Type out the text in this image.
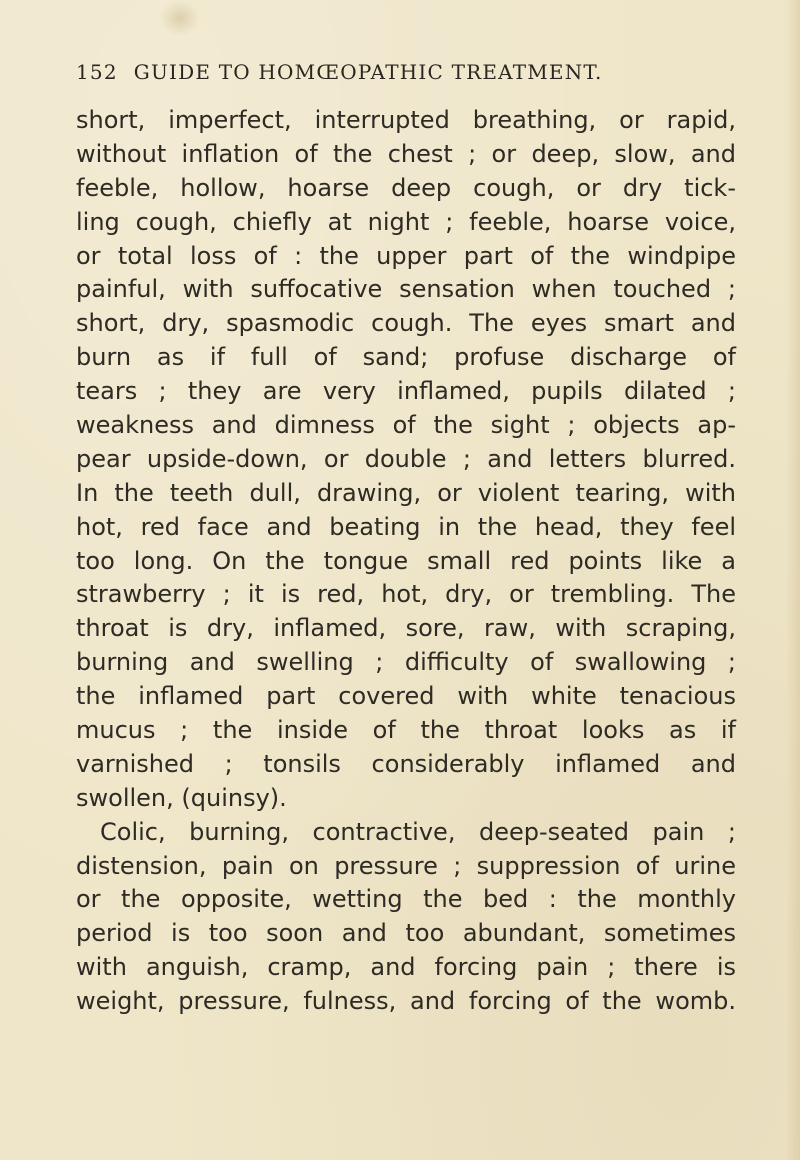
152 GUIDE TO HOMŒOPATHIC TREATMENT.
short, imperfect, interrupted breathing, or rapid,
without inflation of the chest ; or deep, slow, and
feeble, hollow, hoarse deep cough, or dry tick-
ling cough, chiefly at night ; feeble, hoarse voice,
or total loss of : the upper part of the windpipe
painful, with suffocative sensation when touched ;
short, dry, spasmodic cough. The eyes smart and
burn as if full of sand; profuse discharge of
tears ; they are very inflamed, pupils dilated ;
weakness and dimness of the sight ; objects ap-
pear upside-down, or double ; and letters blurred.
In the teeth dull, drawing, or violent tearing, with
hot, red face and beating in the head, they feel
too long. On the tongue small red points like a
strawberry ; it is red, hot, dry, or trembling. The
throat is dry, inflamed, sore, raw, with scraping,
burning and swelling ; difficulty of swallowing ;
the inflamed part covered with white tenacious
mucus ; the inside of the throat looks as if
varnished ; tonsils considerably inflamed and
swollen, (quinsy).
Colic, burning, contractive, deep-seated pain ;
distension, pain on pressure ; suppression of urine
or the opposite, wetting the bed : the monthly
period is too soon and too abundant, sometimes
with anguish, cramp, and forcing pain ; there is
weight, pressure, fulness, and forcing of the womb.
